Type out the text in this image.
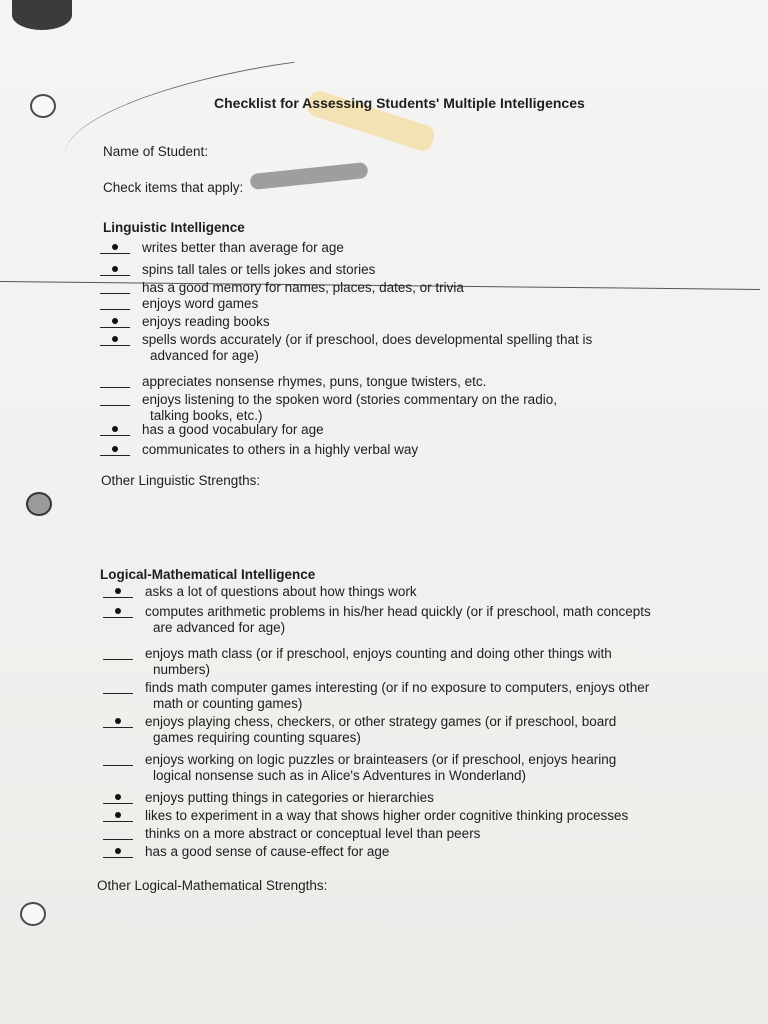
Checklist for Assessing Students' Multiple Intelligences
Name of Student:
Check items that apply:
Linguistic Intelligence
writes better than average for age
spins tall tales or tells jokes and stories
has a good memory for names, places, dates, or trivia
enjoys word games
enjoys reading books
spells words accurately (or if preschool, does developmental spelling that is
advanced for age)
appreciates nonsense rhymes, puns, tongue twisters, etc.
enjoys listening to the spoken word (stories commentary on the radio,
talking books, etc.)
has a good vocabulary for age
communicates to others in a highly verbal way
Other Linguistic Strengths:
Logical-Mathematical Intelligence
asks a lot of questions about how things work
computes arithmetic problems in his/her head quickly (or if preschool, math concepts
are advanced for age)
enjoys math class (or if preschool, enjoys counting and doing other things with
numbers)
finds math computer games interesting (or if no exposure to computers, enjoys other
math or counting games)
enjoys playing chess, checkers, or other strategy games (or if preschool, board
games requiring counting squares)
enjoys working on logic puzzles or brainteasers (or if preschool, enjoys hearing
logical nonsense such as in Alice's Adventures in Wonderland)
enjoys putting things in categories or hierarchies
likes to experiment in a way that shows higher order cognitive thinking processes
thinks on a more abstract or conceptual level than peers
has a good sense of cause-effect for age
Other Logical-Mathematical Strengths:
